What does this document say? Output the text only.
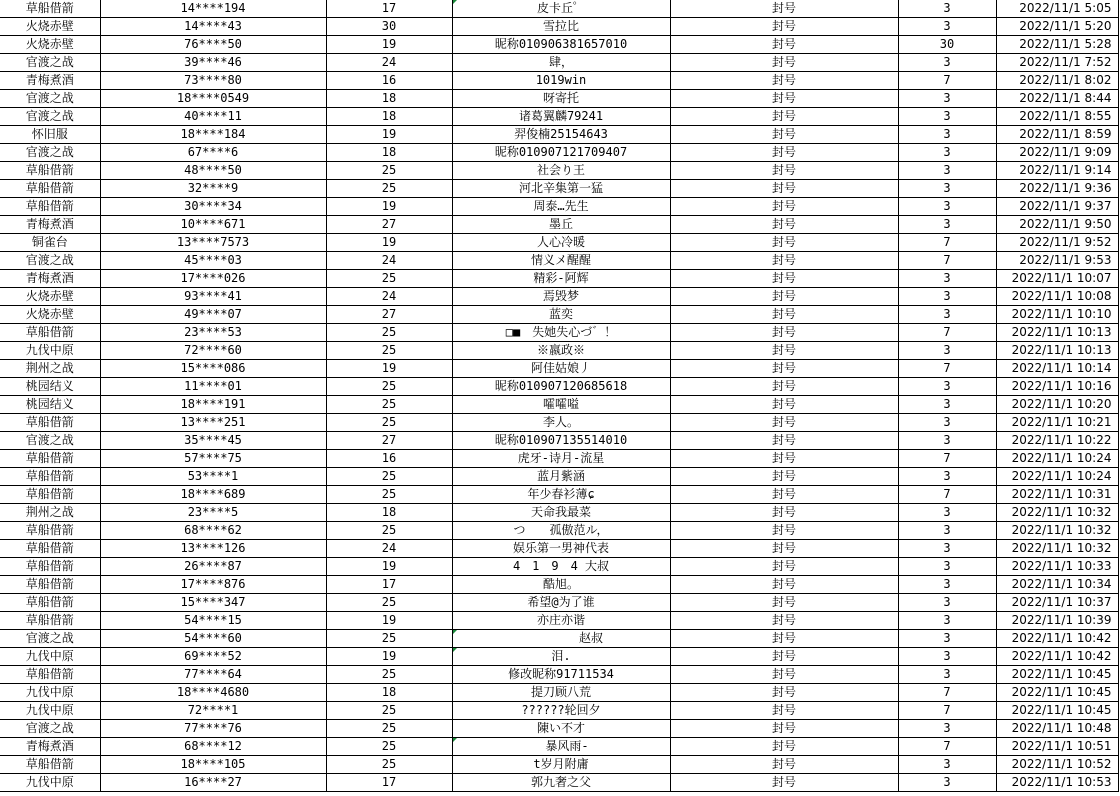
草船借箭	14****194	17	皮卡丘゜	封号	3	2022/11/1 5:05
火烧赤壁	14****43	30	雪拉比	封号	3	2022/11/1 5:20
火烧赤壁	76****50	19	昵称010906381657010	封号	30	2022/11/1 5:28
官渡之战	39****46	24	肆，	封号	3	2022/11/1 7:52
青梅煮酒	73****80	16	1019win	封号	7	2022/11/1 8:02
官渡之战	18****0549	18	呀寄托	封号	3	2022/11/1 8:44
官渡之战	40****11	18	诸葛翼麟79241	封号	3	2022/11/1 8:55
怀旧服	18****184	19	羿俊楠25154643	封号	3	2022/11/1 8:59
官渡之战	67****6	18	昵称010907121709407	封号	3	2022/11/1 9:09
草船借箭	48****50	25	社会り王	封号	3	2022/11/1 9:14
草船借箭	32****9	25	河北辛集第一猛	封号	3	2022/11/1 9:36
草船借箭	30****34	19	周泰…先生	封号	3	2022/11/1 9:37
青梅煮酒	10****671	27	墨丘	封号	3	2022/11/1 9:50
铜雀台	13****7573	19	人心冷暖	封号	7	2022/11/1 9:52
官渡之战	45****03	24	情义メ醒醒	封号	7	2022/11/1 9:53
青梅煮酒	17****026	25	精彩-阿辉	封号	3	2022/11/1 10:07
火烧赤壁	93****41	24	焉毁梦	封号	3	2022/11/1 10:08
火烧赤壁	49****07	27	蓝奕	封号	3	2022/11/1 10:10
草船借箭	23****53	25	□■　失她失心づ゛！	封号	7	2022/11/1 10:13
九伐中原	72****60	25	※嬴政※	封号	3	2022/11/1 10:13
荆州之战	15****086	19	阿佳姑娘丿	封号	7	2022/11/1 10:14
桃园结义	11****01	25	昵称010907120685618	封号	3	2022/11/1 10:16
桃园结义	18****191	25	嚯嚯嗌	封号	3	2022/11/1 10:20
草船借箭	13****251	25	李人。	封号	3	2022/11/1 10:21
官渡之战	35****45	27	昵称010907135514010	封号	3	2022/11/1 10:22
草船借箭	57****75	16	虎牙-诗月-流星	封号	7	2022/11/1 10:24
草船借箭	53****1	25	蓝月紫涵	封号	3	2022/11/1 10:24
草船借箭	18****689	25	年少春衫薄ɕ	封号	7	2022/11/1 10:31
荆州之战	23****5	18	天命我最菜	封号	3	2022/11/1 10:32
草船借箭	68****62	25	つ　　孤傲范ル，	封号	3	2022/11/1 10:32
草船借箭	13****126	24	娱乐第一男神代表	封号	3	2022/11/1 10:32
草船借箭	26****87	19	4　1　9　4 大叔	封号	3	2022/11/1 10:33
草船借箭	17****876	17	酷旭。	封号	3	2022/11/1 10:34
草船借箭	15****347	25	希望@为了谁	封号	3	2022/11/1 10:37
草船借箭	54****15	19	亦庄亦谐	封号	3	2022/11/1 10:39
官渡之战	54****60	25	　　　　　赵叔	封号	3	2022/11/1 10:42
九伐中原	69****52	19	泪.	封号	3	2022/11/1 10:42
草船借箭	77****64	25	修改昵称91711534	封号	3	2022/11/1 10:45
九伐中原	18****4680	18	提刀顾八荒	封号	7	2022/11/1 10:45
九伐中原	72****1	25	??????轮回夕	封号	7	2022/11/1 10:45
官渡之战	77****76	25	陳い不才	封号	3	2022/11/1 10:48
青梅煮酒	68****12	25	　暴风雨-	封号	7	2022/11/1 10:51
草船借箭	18****105	25	t岁月附庸	封号	3	2022/11/1 10:52
九伐中原	16****27	17	郭九奢之父	封号	3	2022/11/1 10:53
